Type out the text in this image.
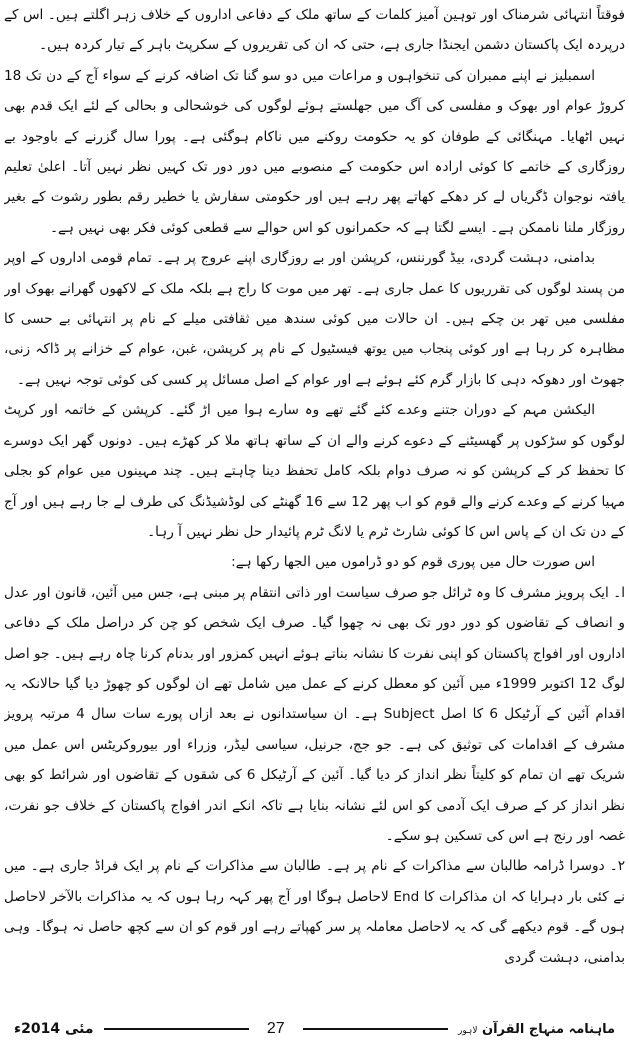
فوقتاً انتہائی شرمناک اور توہین آمیز کلمات کے ساتھ ملک کے دفاعی اداروں کے خلاف زہر اگلتے ہیں۔ اس کے درپردہ ایک پاکستان دشمن ایجنڈا جاری ہے، حتی کہ ان کی تقریروں کے سکرپٹ باہر کے تیار کردہ ہیں۔

اسمبلیز نے اپنے ممبران کی تنخواہوں و مراعات میں دو سو گنا تک اضافہ کرنے کے سواء آج کے دن تک 18 کروڑ عوام اور بھوک و مفلسی کی آگ میں جھلستے ہوئے لوگوں کی خوشحالی و بحالی کے لئے ایک قدم بھی نہیں اٹھایا۔ مہنگائی کے طوفان کو یہ حکومت روکنے میں ناکام ہوگئی ہے۔ پورا سال گزرنے کے باوجود بے روزگاری کے خاتمے کا کوئی ارادہ اس حکومت کے منصوبے میں دور دور تک کہیں نظر نہیں آتا۔ اعلیٰ تعلیم یافتہ نوجوان ڈگریاں لے کر دھکے کھاتے پھر رہے ہیں اور حکومتی سفارش یا خطیر رقم بطور رشوت کے بغیر روزگار ملنا ناممکن ہے۔ ایسے لگتا ہے کہ حکمرانوں کو اس حوالے سے قطعی کوئی فکر بھی نہیں ہے۔

بدامنی، دہشت گردی، بیڈ گورننس، کرپشن اور بے روزگاری اپنے عروج پر ہے۔ تمام قومی اداروں کے اوپر من پسند لوگوں کی تقرریوں کا عمل جاری ہے۔ تھر میں موت کا راج ہے بلکہ ملک کے لاکھوں گھرانے بھوک اور مفلسی میں تھر بن چکے ہیں۔ ان حالات میں کوئی سندھ میں ثقافتی میلے کے نام پر انتہائی بے حسی کا مظاہرہ کر رہا ہے اور کوئی پنجاب میں یوتھ فیسٹیول کے نام پر کرپشن، غبن، عوام کے خزانے پر ڈاکہ زنی، جھوٹ اور دھوکہ دہی کا بازار گرم کئے ہوئے ہے اور عوام کے اصل مسائل پر کسی کی کوئی توجہ نہیں ہے۔

الیکشن مہم کے دوران جتنے وعدے کئے گئے تھے وہ سارے ہوا میں اڑ گئے۔ کرپشن کے خاتمہ اور کرپٹ لوگوں کو سڑکوں پر گھسیٹنے کے دعوے کرنے والے ان کے ساتھ ہاتھ ملا کر کھڑے ہیں۔ دونوں گھر ایک دوسرے کا تحفظ کر کے کرپشن کو نہ صرف دوام بلکہ کامل تحفظ دینا چاہتے ہیں۔ چند مہینوں میں عوام کو بجلی مہیا کرنے کے وعدے کرنے والے قوم کو اب پھر 12 سے 16 گھنٹے کی لوڈشیڈنگ کی طرف لے جا رہے ہیں اور آج کے دن تک ان کے پاس اس کا کوئی شارٹ ٹرم یا لانگ ٹرم پائیدار حل نظر نہیں آ رہا۔

اس صورت حال میں پوری قوم کو دو ڈراموں میں الجھا رکھا ہے:

ا۔ ایک پرویز مشرف کا وہ ٹرائل جو صرف سیاست اور ذاتی انتقام پر مبنی ہے، جس میں آئین، قانون اور عدل و انصاف کے تقاضوں کو دور دور تک بھی نہ چھوا گیا۔ صرف ایک شخص کو چن کر دراصل ملک کے دفاعی اداروں اور افواج پاکستان کو اپنی نفرت کا نشانہ بناتے ہوئے انہیں کمزور اور بدنام کرنا چاہ رہے ہیں۔ جو اصل لوگ 12 اکتوبر 1999ء میں آئین کو معطل کرنے کے عمل میں شامل تھے ان لوگوں کو چھوڑ دیا گیا حالانکہ یہ اقدام آئین کے آرٹیکل 6 کا اصل Subject ہے۔ ان سیاستدانوں نے بعد ازاں پورے سات سال 4 مرتبہ پرویز مشرف کے اقدامات کی توثیق کی ہے۔ جو جج، جرنیل، سیاسی لیڈر، وزراء اور بیوروکریٹس اس عمل میں شریک تھے ان تمام کو کلیتاً نظر انداز کر دیا گیا۔ آئین کے آرٹیکل 6 کی شقوں کے تقاضوں اور شرائط کو بھی نظر انداز کر کے صرف ایک آدمی کو اس لئے نشانہ بنایا ہے تاکہ انکے اندر افواج پاکستان کے خلاف جو نفرت، غصہ اور رنج ہے اس کی تسکین ہو سکے۔

۲۔ دوسرا ڈرامہ طالبان سے مذاکرات کے نام پر ہے۔ طالبان سے مذاکرات کے نام پر ایک فراڈ جاری ہے۔ میں نے کئی بار دہرایا کہ ان مذاکرات کا End لاحاصل ہوگا اور آج پھر کہہ رہا ہوں کہ یہ مذاکرات بالآخر لاحاصل ہوں گے۔ قوم دیکھے گی کہ یہ لاحاصل معاملہ پر سر کھپاتے رہے اور قوم کو ان سے کچھ حاصل نہ ہوگا۔ وہی بدامنی، دہشت گردی

ماہنامہ منہاج القرآن لاہور
27
مئی 2014ء
